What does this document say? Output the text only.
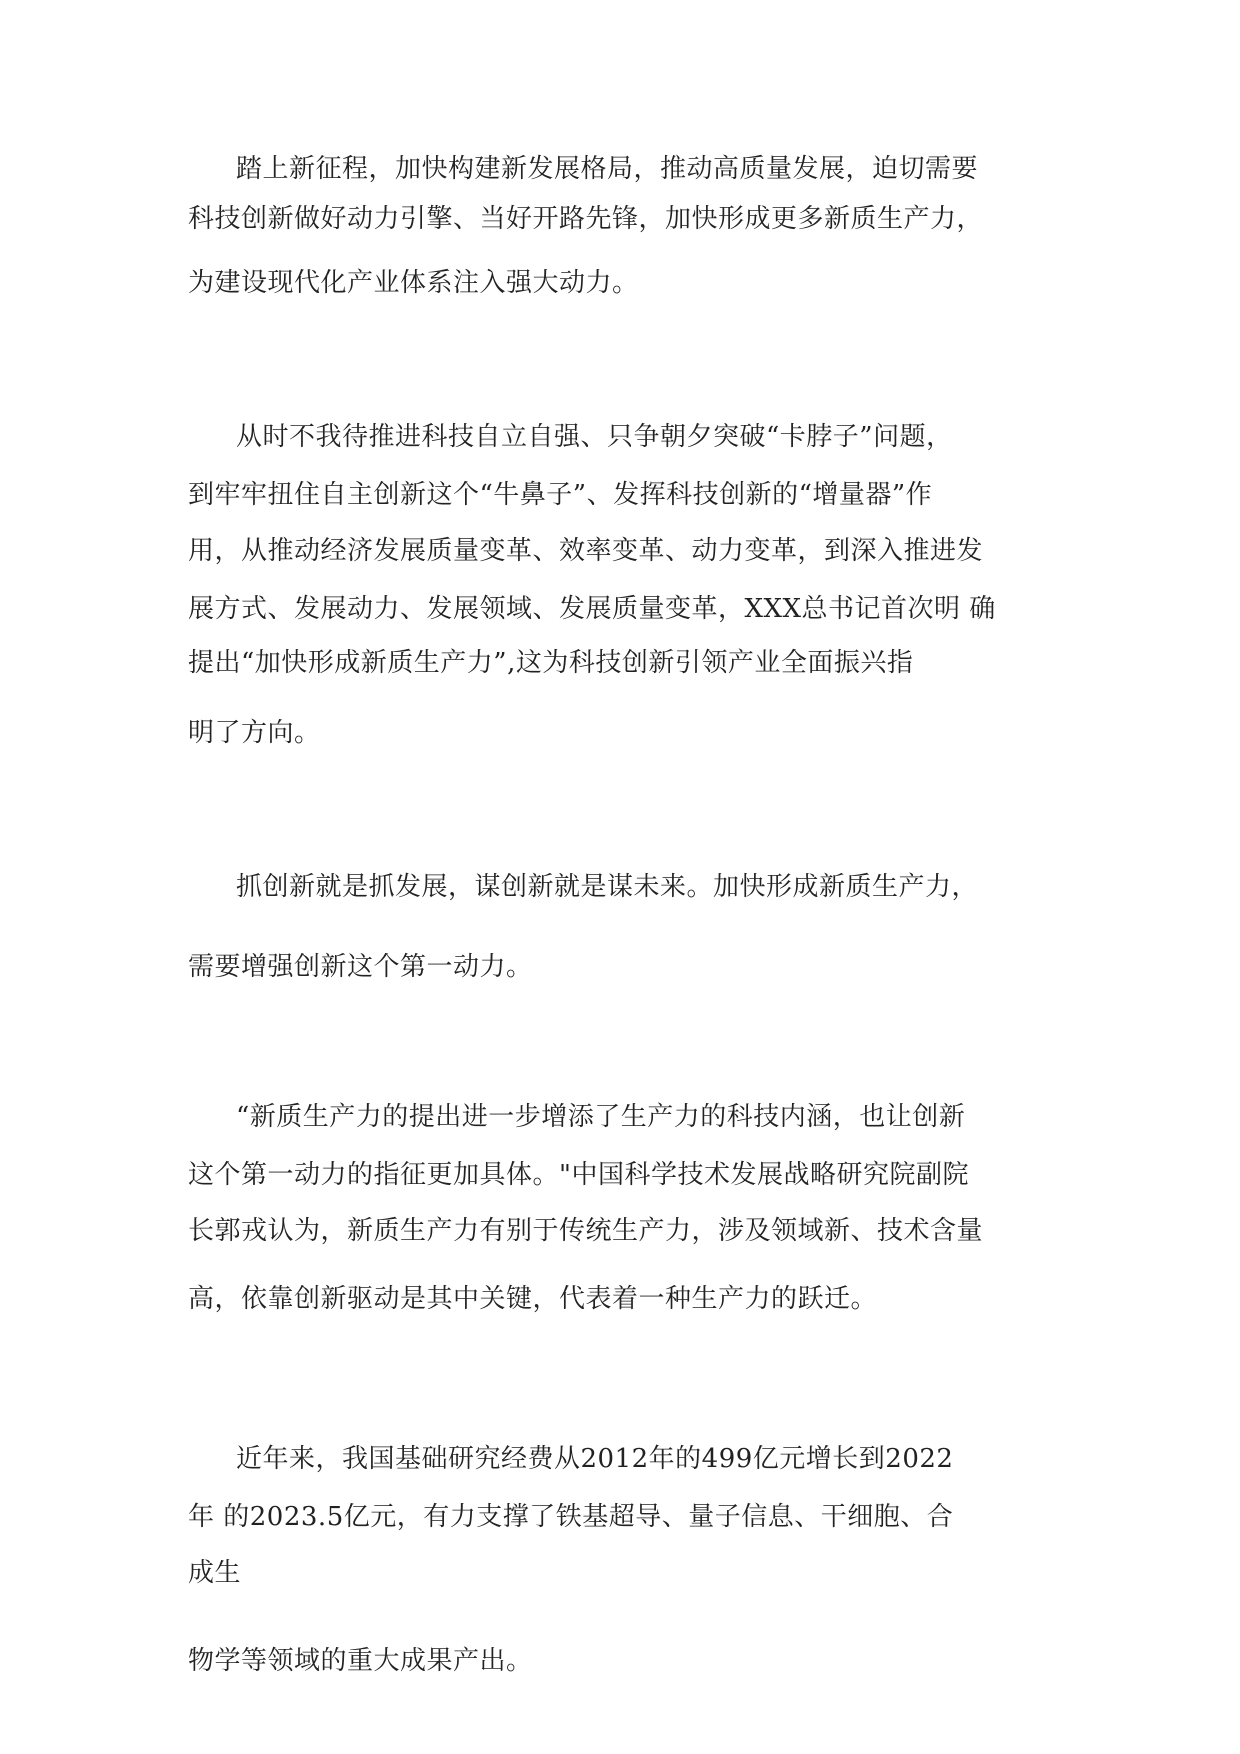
踏上新征程，加快构建新发展格局，推动高质量发展，迫切需要
科技创新做好动力引擎、当好开路先锋，加快形成更多新质生产力，
为建设现代化产业体系注入强大动力。
从时不我待推进科技自立自强、只争朝夕突破“卡脖子”问题，
到牢牢扭住自主创新这个“牛鼻子”、发挥科技创新的“增量器”作
用，从推动经济发展质量变革、效率变革、动力变革，到深入推进发
展方式、发展动力、发展领域、发展质量变革，XXX总书记首次明 确
提出“加快形成新质生产力”,这为科技创新引领产业全面振兴指
明了方向。
抓创新就是抓发展，谋创新就是谋未来。加快形成新质生产力，
需要增强创新这个第一动力。
“新质生产力的提出进一步增添了生产力的科技内涵，也让创新
这个第一动力的指征更加具体。"中国科学技术发展战略研究院副院
长郭戎认为，新质生产力有别于传统生产力，涉及领域新、技术含量
高，依靠创新驱动是其中关键，代表着一种生产力的跃迁。
近年来，我国基础研究经费从2012年的499亿元增长到2022
年 的2023.5亿元，有力支撑了铁基超导、量子信息、干细胞、合
成生
物学等领域的重大成果产出。
